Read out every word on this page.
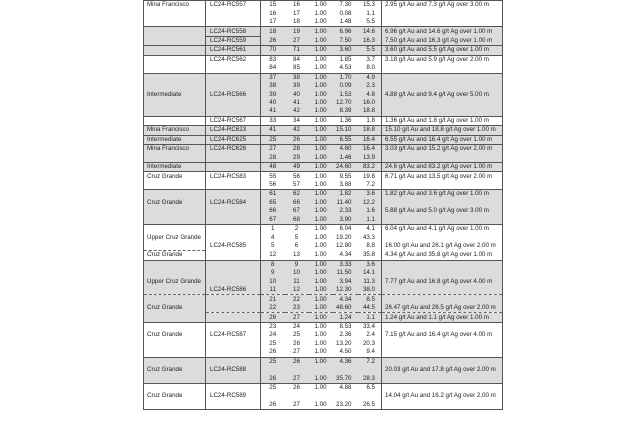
Mina Francisco	LC24-RC557	15	16	1.00	7.30	15.3	2.95 g/t Au and 7.3 g/t Ag over 3.00 m
		16	17	1.00	0.08	1.1	
		17	18	1.00	1.48	5.5	
	LC24-RC558	18	19	1.00	6.96	14.6	6.96 g/t Au and 14.6 g/t Ag over 1.00 m
	LC24-RC559	26	27	1.00	7.50	16.3	7.50 g/t Au and 16.3 g/t Ag over 1.00 m
	LC24-RC561	70	71	1.00	3.60	5.5	3.60 g/t Au and 5.5 g/t Ag over 1.00 m
	LC24-RC562	83	84	1.00	1.85	3.7	3.18 g/t Au and 5.9 g/t Ag over 2.00 m
		84	85	1.00	4.53	8.0	
		37	38	1.00	1.70	4.9	
		38	39	1.00	0.09	2.3	
Intermediate	LC24-RC566	39	40	1.00	1.53	4.8	4.88 g/t Au and 9.4 g/t Ag over 5.00 m
		40	41	1.00	12.70	16.0	
		41	42	1.00	8.39	18.8	
	LC24-RC567	33	34	1.00	1.36	1.8	1.36 g/t Au and 1.8 g/t Ag over 1.00 m
Mina Francisco	LC24-RC623	41	42	1.00	15.10	18.8	15.10 g/t Au and 18.8 g/t Ag over 1.00 m
Intermediate	LC24-RC625	25	26	1.00	6.55	16.4	6.55 g/t Au and 16.4 g/t Ag over 1.00 m
Mina Francisco	LC24-RC626	27	28	1.00	4.60	16.4	3.03 g/t Au and 15.2 g/t Ag over 2.00 m
		28	29	1.00	1.46	13.9	
Intermediate		48	49	1.00	24.60	83.2	24.6 g/t Au and 83.2 g/t Ag over 1.00 m
Cruz Grande	LC24-RC583	55	56	1.00	9.55	19.8	6.71 g/t Au and 13.5 g/t Ag over 2.00 m
		56	57	1.00	3.88	7.2	
		61	62	1.00	1.82	3.6	1.82 g/t Au and 3.6 g/t Ag over 1.00 m
Cruz Grande	LC24-RC584	65	66	1.00	11.40	12.2	
		66	67	1.00	2.33	1.6	5.88 g/t Au and 5.0 g/t Ag over 3.00 m
		67	68	1.00	3.90	1.1	
		1	2	1.00	6.04	4.1	6.04 g/t Au and 4.1 g/t Ag over 1.00 m
Upper Cruz Grande		4	5	1.00	19.20	43.3	
	LC24-RC585	5	6	1.00	12.80	8.8	16.00 g/t Au and 26.1 g/t Ag over 2.00 m
Cruz Grande		12	13	1.00	4.34	35.8	4.34 g/t Au and 35.8 g/t Ag over 1.00 m
		8	9	1.00	3.33	3.6	
		9	10	1.00	11.50	14.1	
Upper Cruz Grande		10	11	1.00	3.94	11.3	7.77 g/t Au and 16.8 g/t Ag over 4.00 m
	LC24-RC586	11	12	1.00	12.30	38.0	
		21	22	1.00	4.34	8.5	
Cruz Grande		22	23	1.00	48.60	44.5	26.47 g/t Au and 26.5 g/t Ag over 2.00 m
		26	27	1.00	1.24	1.1	1.24 g/t Au and 1.1 g/t Ag over 1.00 m
		23	24	1.00	8.53	33.4	
Cruz Grande	LC24-RC587	24	25	1.00	2.36	2.4	7.15 g/t Au and 16.4 g/t Ag over 4.00 m
		25	26	1.00	13.20	20.3	
		26	27	1.00	4.50	9.4	
		25	26	1.00	4.36	7.2	
Cruz Grande	LC24-RC588						20.03 g/t Au and 17.8 g/t Ag over 2.00 m
		26	27	1.00	35.70	28.3	
		25	26	1.00	4.88	6.5	
Cruz Grande	LC24-RC589						14.04 g/t Au and 16.2 g/t Ag over 2.00 m
		26	27	1.00	23.20	26.5	
